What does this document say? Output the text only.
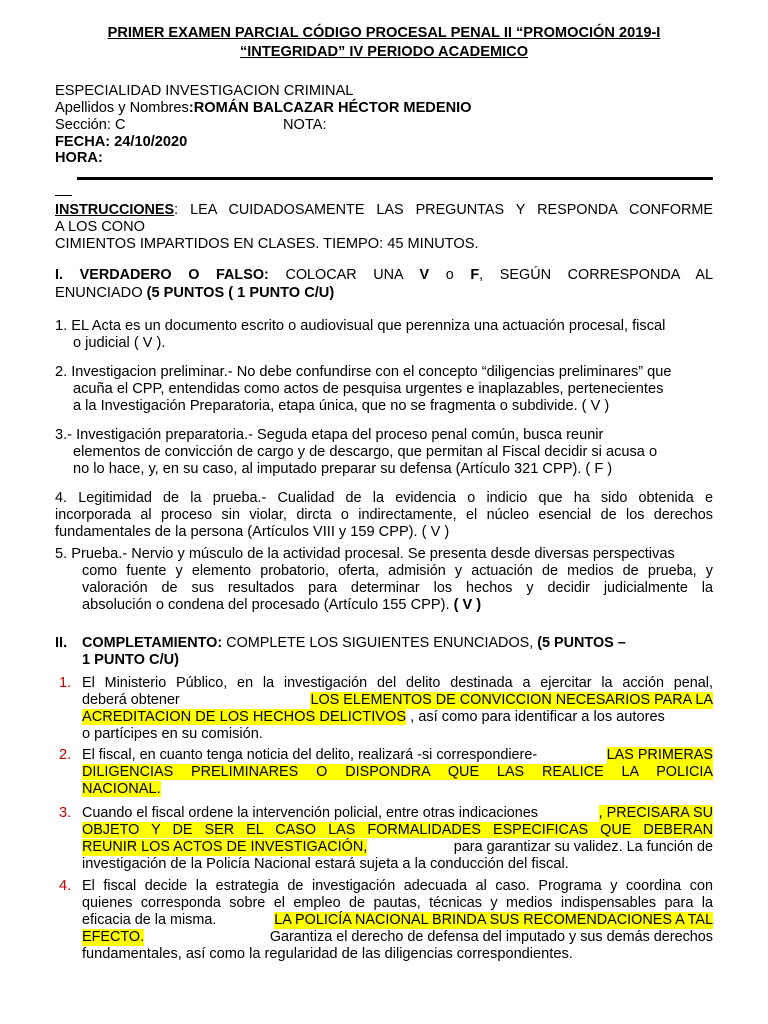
PRIMER EXAMEN PARCIAL CÓDIGO PROCESAL PENAL II “PROMOCIÓN 2019-I
“INTEGRIDAD” IV PERIODO ACADEMICO
ESPECIALIDAD INVESTIGACION CRIMINAL
Apellidos y Nombres:ROMÁN BALCAZAR HÉCTOR MEDENIO
Sección: C	NOTA:
FECHA: 24/10/2020
HORA:
INSTRUCCIONES: LEA CUIDADOSAMENTE LAS PREGUNTAS Y RESPONDA CONFORME
A LOS CONO
CIMIENTOS IMPARTIDOS EN CLASES. TIEMPO: 45 MINUTOS.
I. VERDADERO O FALSO: COLOCAR UNA V o F, SEGÚN CORRESPONDA AL
ENUNCIADO (5 PUNTOS ( 1 PUNTO C/U)
1. EL Acta es un documento escrito o audiovisual que perenniza una actuación procesal, fiscal
o judicial ( V ).
2. Investigacion preliminar.- No debe confundirse con el concepto “diligencias preliminares” que
acuña el CPP, entendidas como actos de pesquisa urgentes e inaplazables, pertenecientes
a la Investigación Preparatoria, etapa única, que no se fragmenta o subdivide. ( V )
3.- Investigación preparatoria.- Seguda etapa del proceso penal común, busca reunir
elementos de convicción de cargo y de descargo, que permitan al Fiscal decidir si acusa o
no lo hace, y, en su caso, al imputado preparar su defensa (Artículo 321 CPP). ( F )
4. Legitimidad de la prueba.- Cualidad de la evidencia o indicio que ha sido obtenida e
incorporada al proceso sin violar, dircta o indirectamente, el núcleo esencial de los derechos
fundamentales de la persona (Artículos VIII y 159 CPP). ( V )
5. Prueba.- Nervio y músculo de la actividad procesal. Se presenta desde diversas perspectivas
como fuente y elemento probatorio, oferta, admisión y actuación de medios de prueba, y
valoración de sus resultados para determinar los hechos y decidir judicialmente la
absolución o condena del procesado (Artículo 155 CPP). ( V )
II. COMPLETAMIENTO: COMPLETE LOS SIGUIENTES ENUNCIADOS, (5 PUNTOS –
1 PUNTO C/U)
1. El Ministerio Público, en la investigación del delito destinada a ejercitar la acción penal,
deberá obtener	LOS ELEMENTOS DE CONVICCION NECESARIOS PARA LA
ACREDITACION DE LOS HECHOS DELICTIVOS , así como para identificar a los autores
o partícipes en su comisión.
2. El fiscal, en cuanto tenga noticia del delito, realizará -si correspondiere-	LAS PRIMERAS
DILIGENCIAS PRELIMINARES O DISPONDRA QUE LAS REALICE LA POLICIA
NACIONAL.
3. Cuando el fiscal ordene la intervención policial, entre otras indicaciones	, PRECISARA SU
OBJETO Y DE SER EL CASO LAS FORMALIDADES ESPECIFICAS QUE DEBERAN
REUNIR LOS ACTOS DE INVESTIGACIÓN,	para garantizar su validez. La función de
investigación de la Policía Nacional estará sujeta a la conducción del fiscal.
4. El fiscal decide la estrategia de investigación adecuada al caso. Programa y coordina con
quienes corresponda sobre el empleo de pautas, técnicas y medios indispensables para la
eficacia de la misma.	LA POLICÍA NACIONAL BRINDA SUS RECOMENDACIONES A TAL
EFECTO.	Garantiza el derecho de defensa del imputado y sus demás derechos
fundamentales, así como la regularidad de las diligencias correspondientes.
